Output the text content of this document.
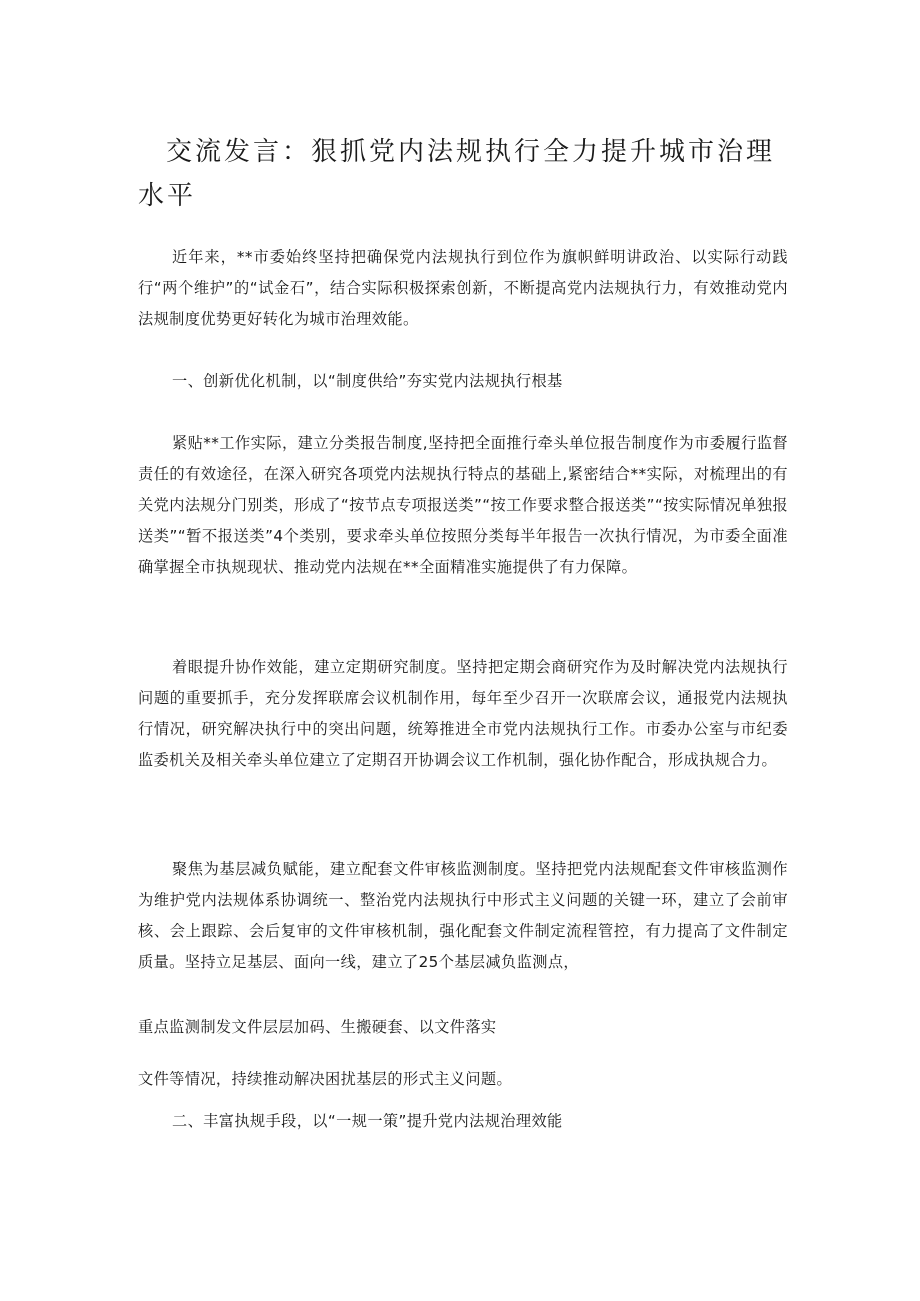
交流发言：狠抓党内法规执行全力提升城市治理水平

近年来，**市委始终坚持把确保党内法规执行到位作为旗帜鲜明讲政治、以实际行动践行“两个维护”的“试金石”，结合实际积极探索创新，不断提高党内法规执行力，有效推动党内法规制度优势更好转化为城市治理效能。

一、创新优化机制，以“制度供给”夯实党内法规执行根基

紧贴**工作实际，建立分类报告制度,坚持把全面推行牵头单位报告制度作为市委履行监督责任的有效途径，在深入研究各项党内法规执行特点的基础上,紧密结合**实际，对梳理出的有关党内法规分门别类，形成了“按节点专项报送类”“按工作要求整合报送类”“按实际情况单独报送类”“暂不报送类”4个类别，要求牵头单位按照分类每半年报告一次执行情况，为市委全面准确掌握全市执规现状、推动党内法规在**全面精准实施提供了有力保障。

着眼提升协作效能，建立定期研究制度。坚持把定期会商研究作为及时解决党内法规执行问题的重要抓手，充分发挥联席会议机制作用，每年至少召开一次联席会议，通报党内法规执行情况，研究解决执行中的突出问题，统筹推进全市党内法规执行工作。市委办公室与市纪委监委机关及相关牵头单位建立了定期召开协调会议工作机制，强化协作配合，形成执规合力。

聚焦为基层减负赋能，建立配套文件审核监测制度。坚持把党内法规配套文件审核监测作为维护党内法规体系协调统一、整治党内法规执行中形式主义问题的关键一环，建立了会前审核、会上跟踪、会后复审的文件审核机制，强化配套文件制定流程管控，有力提高了文件制定质量。坚持立足基层、面向一线，建立了25个基层减负监测点，

重点监测制发文件层层加码、生搬硬套、以文件落实

文件等情况，持续推动解决困扰基层的形式主义问题。

二、丰富执规手段，以“一规一策”提升党内法规治理效能
